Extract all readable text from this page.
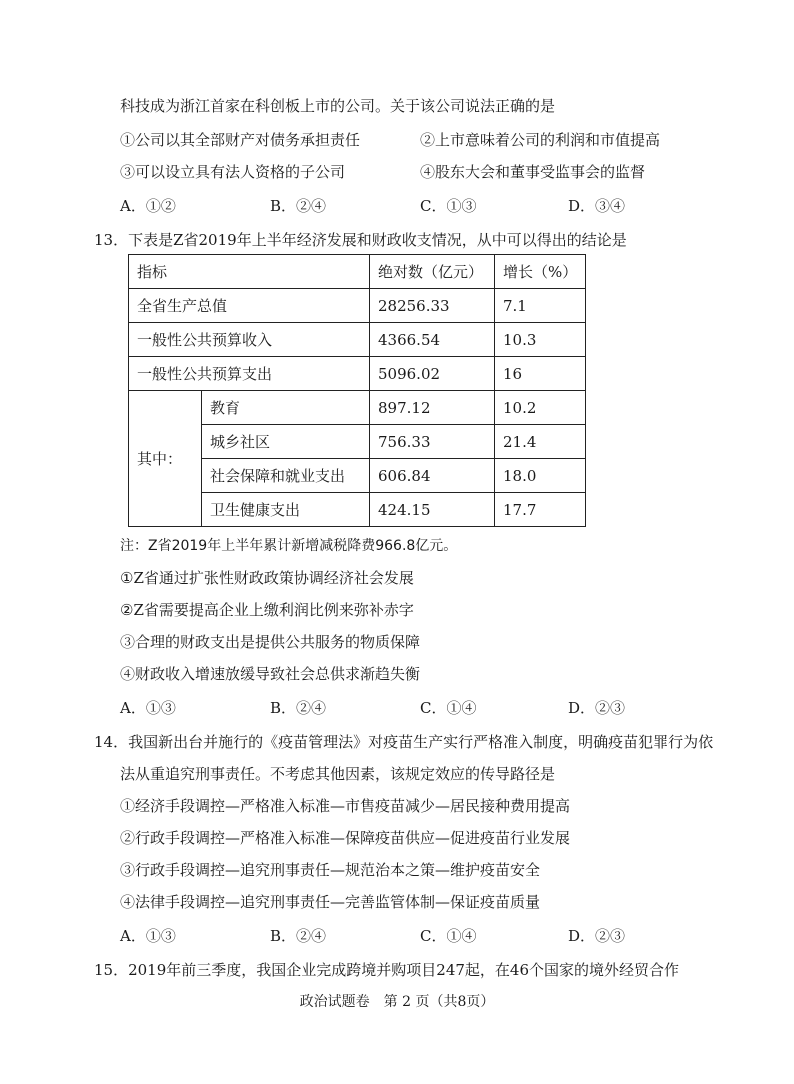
科技成为浙江首家在科创板上市的公司。关于该公司说法正确的是
①公司以其全部财产对债务承担责任	②上市意味着公司的利润和市值提高
③可以设立具有法人资格的子公司	④股东大会和董事受监事会的监督
A．①②	B．②④	C．①③	D．③④
13．下表是Z省2019年上半年经济发展和财政收支情况，从中可以得出的结论是
指标		绝对数（亿元）	增长（%）
全省生产总值		28256.33	7.1
一般性公共预算收入		4366.54	10.3
一般性公共预算支出		5096.02	16
其中：	教育	897.12	10.2
	城乡社区	756.33	21.4
	社会保障和就业支出	606.84	18.0
	卫生健康支出	424.15	17.7
注：Z省2019年上半年累计新增减税降费966.8亿元。
①Z省通过扩张性财政政策协调经济社会发展
②Z省需要提高企业上缴利润比例来弥补赤字
③合理的财政支出是提供公共服务的物质保障
④财政收入增速放缓导致社会总供求渐趋失衡
A．①③	B．②④	C．①④	D．②③
14．我国新出台并施行的《疫苗管理法》对疫苗生产实行严格准入制度，明确疫苗犯罪行为依
法从重追究刑事责任。不考虑其他因素，该规定效应的传导路径是
①经济手段调控—严格准入标准—市售疫苗减少—居民接种费用提高
②行政手段调控—严格准入标准—保障疫苗供应—促进疫苗行业发展
③行政手段调控—追究刑事责任—规范治本之策—维护疫苗安全
④法律手段调控—追究刑事责任—完善监管体制—保证疫苗质量
A．①③	B．②④	C．①④	D．②③
15．2019年前三季度，我国企业完成跨境并购项目247起，在46个国家的境外经贸合作
政治试题卷　第 2 页（共8页）
